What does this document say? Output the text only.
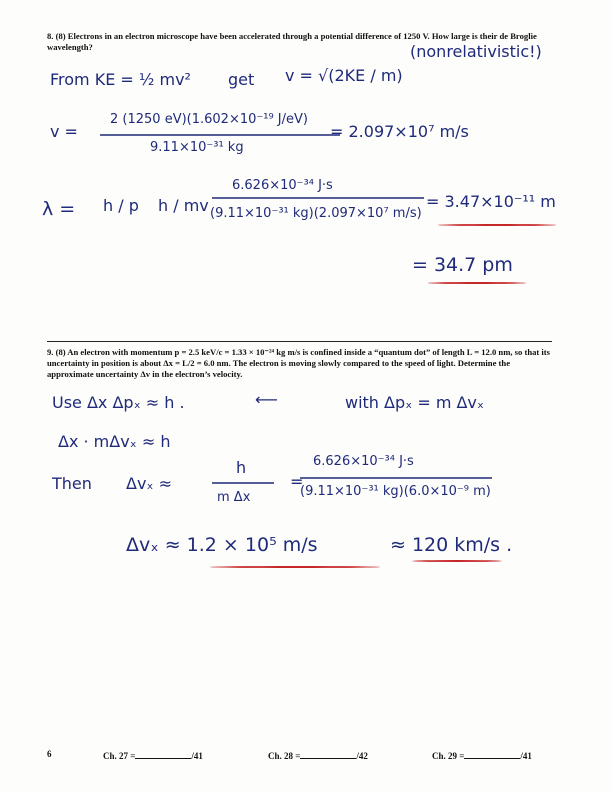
8. (8) Electrons in an electron microscope have been accelerated through a potential difference of 1250 V. How large is their de Broglie wavelength?	(nonrelativistic!)
From KE = ½ mv² get v = √(2KE / m)
v =
2 (1250 eV)(1.602×10⁻¹⁹ J/eV)
9.11×10⁻³¹ kg
= 2.097×10⁷ m/s
λ = h / p h / mv
6.626×10⁻³⁴ J·s
(9.11×10⁻³¹ kg)(2.097×10⁷ m/s)
= 3.47×10⁻¹¹ m
= 34.7 pm
9. (8) An electron with momentum p = 2.5 keV/c = 1.33 × 10⁻²⁴ kg m/s is confined inside a “quantum dot” of length L = 12.0 nm, so that its uncertainty in position is about Δx = L/2 = 6.0 nm. The electron is moving slowly compared to the speed of light. Determine the approximate uncertainty Δv in the electron’s velocity.
Use Δx Δpₓ ≈ h .	⟵	with Δpₓ = m Δvₓ
Δx · mΔvₓ ≈ h
Then Δvₓ ≈
h
m Δx
=
6.626×10⁻³⁴ J·s
(9.11×10⁻³¹ kg)(6.0×10⁻⁹ m)
Δvₓ ≈ 1.2 × 10⁵ m/s	≈ 120 km/s .
6	Ch. 27 =	/41	Ch. 28 =	/42	Ch. 29 =	/41
